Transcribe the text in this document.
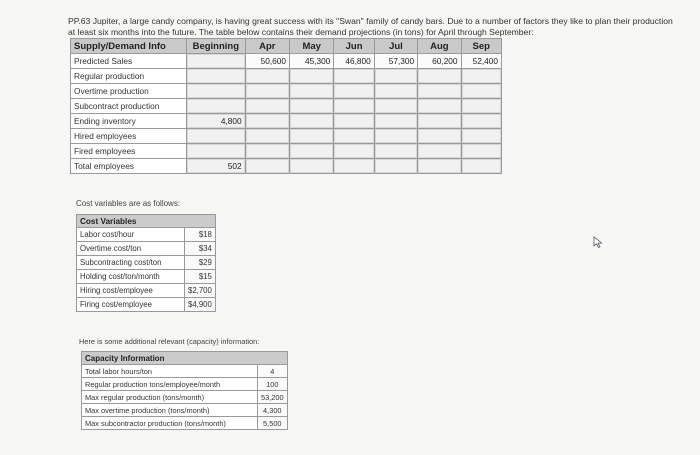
PP.63 Jupiter, a large candy company, is having great success with its "Swan" family of candy bars. Due to a number of factors they like to plan their production at least six months into the future. The table below contains their demand projections (in tons) for April through September:
Supply/Demand Info	Beginning	Apr	May	Jun	Jul	Aug	Sep
Predicted Sales		50,600	45,300	46,800	57,300	60,200	52,400
Regular production							
Overtime production							
Subcontract production							
Ending inventory	4,800						
Hired employees							
Fired employees							
Total employees	502						
Cost variables are as follows:
Cost Variables	
Labor cost/hour	$18
Overtime cost/ton	$34
Subcontracting cost/ton	$29
Holding cost/ton/month	$15
Hiring cost/employee	$2,700
Firing cost/employee	$4,900
Here is some additional relevant (capacity) information:
Capacity Information	
Total labor hours/ton	4
Regular production tons/employee/month	100
Max regular production (tons/month)	53,200
Max overtime production (tons/month)	4,300
Max subcontractor production (tons/month)	5,500
